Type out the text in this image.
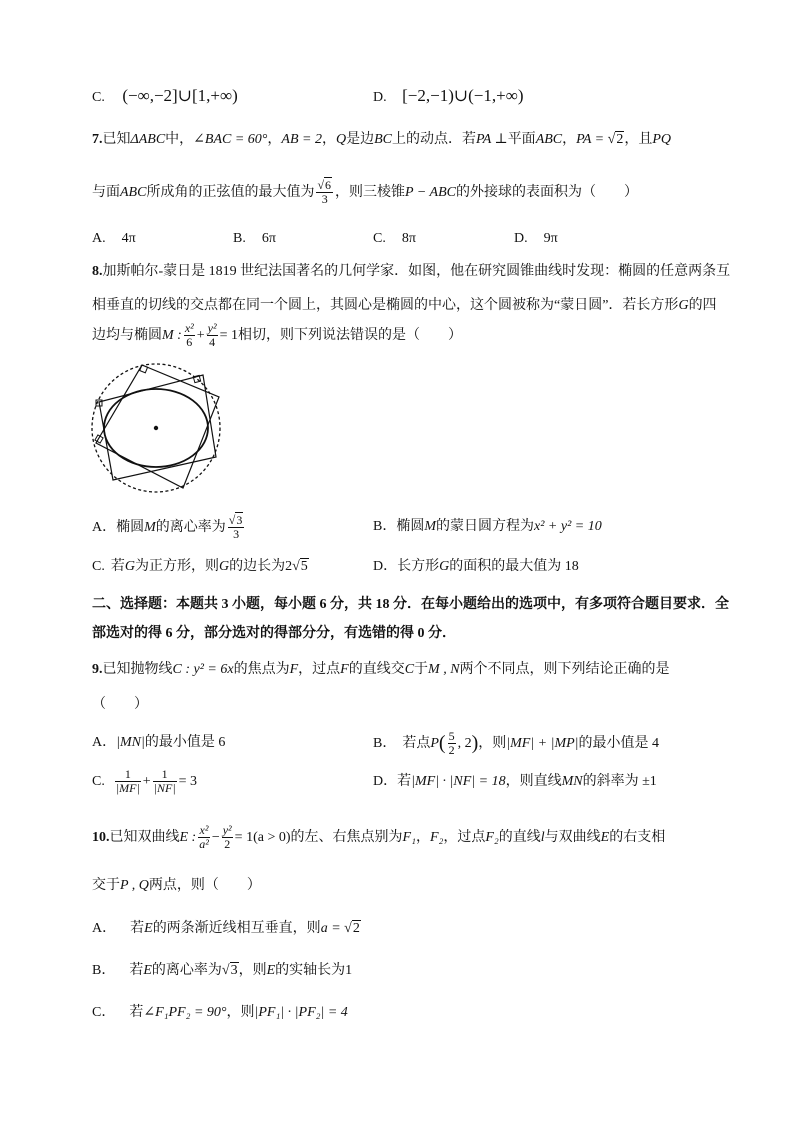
C. (−∞,−2]∪[1,+∞)	D. [−2,−1)∪(−1,+∞)
7.已知ΔABC中，∠BAC = 60°，AB = 2，Q是边BC上的动点．若PA ⊥平面ABC，PA = √2，且PQ
与面ABC所成角的正弦值的最大值为 $\frac{√6}{3}$ ，则三棱锥P − ABC的外接球的表面积为（　　）
A. 4π	B. 6π	C. 8π	D. 9π
8.加斯帕尔-蒙日是 1819 世纪法国著名的几何学家．如图，他在研究圆锥曲线时发现：椭圆的任意两条互
相垂直的切线的交点都在同一个圆上，其圆心是椭圆的中心，这个圆被称为“蒙日圆”．若长方形G的四
边均与椭圆M : $\frac{\text{x²}}{6} + \frac{\text{y²}}{4} = 1$相切，则下列说法错误的是（　　）
A．椭圆M的离心率为 $\frac{√3}{3}$	B．椭圆M的蒙日圆方程为x² + y² = 10
C. 若G为正方形，则G的边长为2√5	D．长方形G的面积的最大值为 18
二、选择题：本题共 3 小题，每小题 6 分，共 18 分．在每小题给出的选项中，有多项符合题目要求．全
部选对的得 6 分，部分选对的得部分分，有选错的得 0 分．
9.已知抛物线C : y² = 6x的焦点为F，过点F的直线交C于M , N两个不同点，则下列结论正确的是
（　　）
A．|MN|的最小值是 6	B． 若点$P( \frac{5}{2}$ , 2)，则|MF| + |MP|的最小值是 4
C. $\frac{1}{|MF|} + \frac{1}{|NF|} = 3$	D．若|MF| · |NF| = 18，则直线MN的斜率为 ±1
10.已知双曲线E : $\frac{\text{x²}}{\text{a²}} - \frac{\text{y²}}{2} = 1(a > 0)$的左、右焦点别为F₁，F₂，过点F₂的直线l与双曲线E的右支相
交于P , Q两点，则（　　）
A． 若E的两条渐近线相互垂直，则a = √2
B． 若E的离心率为√3，则E的实轴长为1
C． 若∠F₁PF₂ = 90°，则|PF₁| · |PF₂| = 4
